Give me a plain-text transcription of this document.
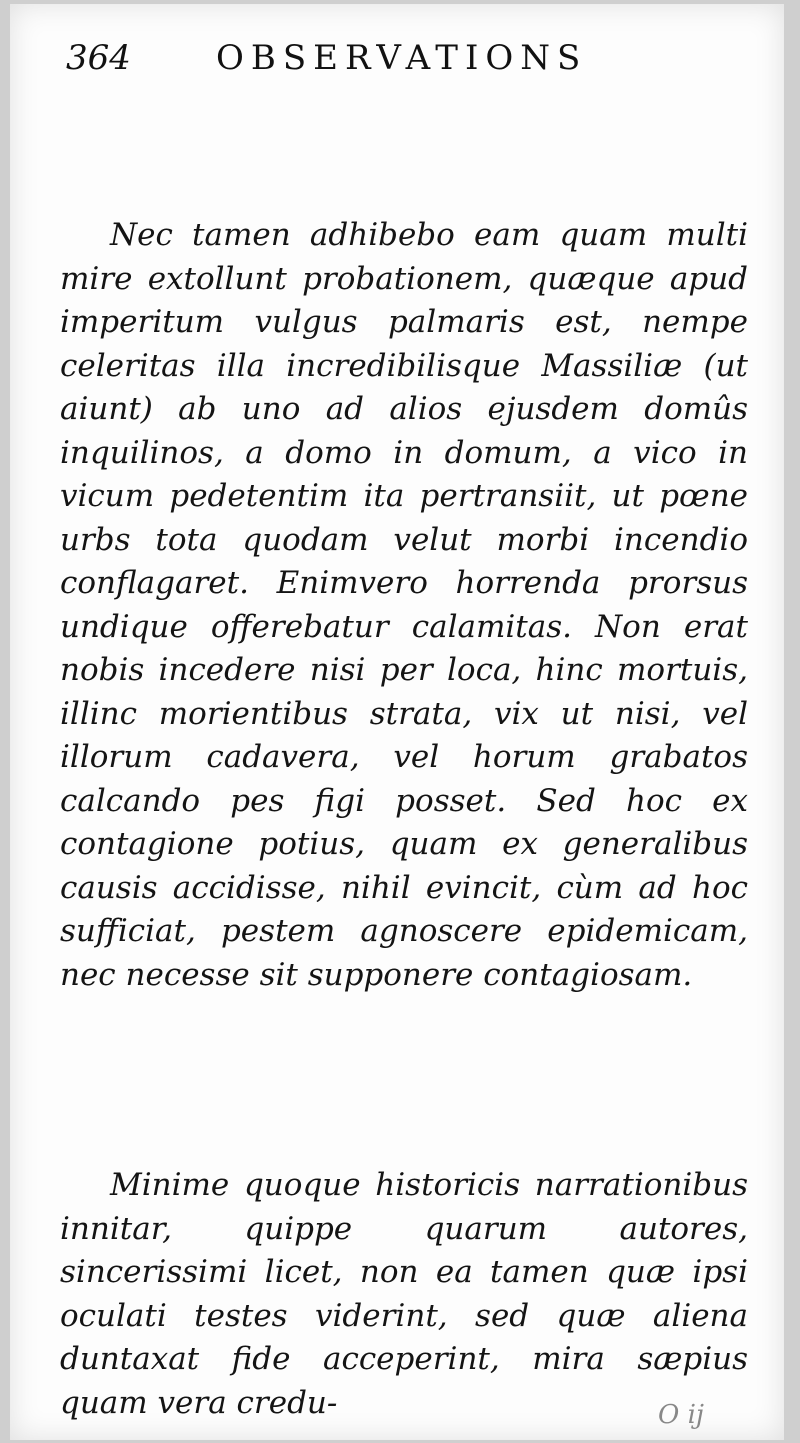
364	OBSERVATIONS

Nec tamen adhibebo eam quam multi mire extollunt probationem, quæque apud imperitum vulgus palmaris est, nempe celeritas illa incredibilisque Massiliæ (ut aiunt) ab uno ad alios ejusdem domûs inquilinos, a domo in domum, a vico in vicum pedetentim ita pertransiit, ut pœne urbs tota quodam velut morbi incendio conflagaret. Enimvero horrenda prorsus undique offerebatur calamitas. Non erat nobis incedere nisi per loca, hinc mortuis, illinc morientibus strata, vix ut nisi, vel illorum cadavera, vel horum grabatos calcando pes figi posset. Sed hoc ex contagione potius, quam ex generalibus causis accidisse, nihil evincit, cùm ad hoc sufficiat, pestem agnoscere epidemicam, nec necesse sit supponere contagiosam.

Minime quoque historicis narrationibus innitar, quippe quarum autores, sincerissimi licet, non ea tamen quæ ipsi oculati testes viderint, sed quæ aliena duntaxat fide acceperint, mira sæpius quam vera credu-	O ij
